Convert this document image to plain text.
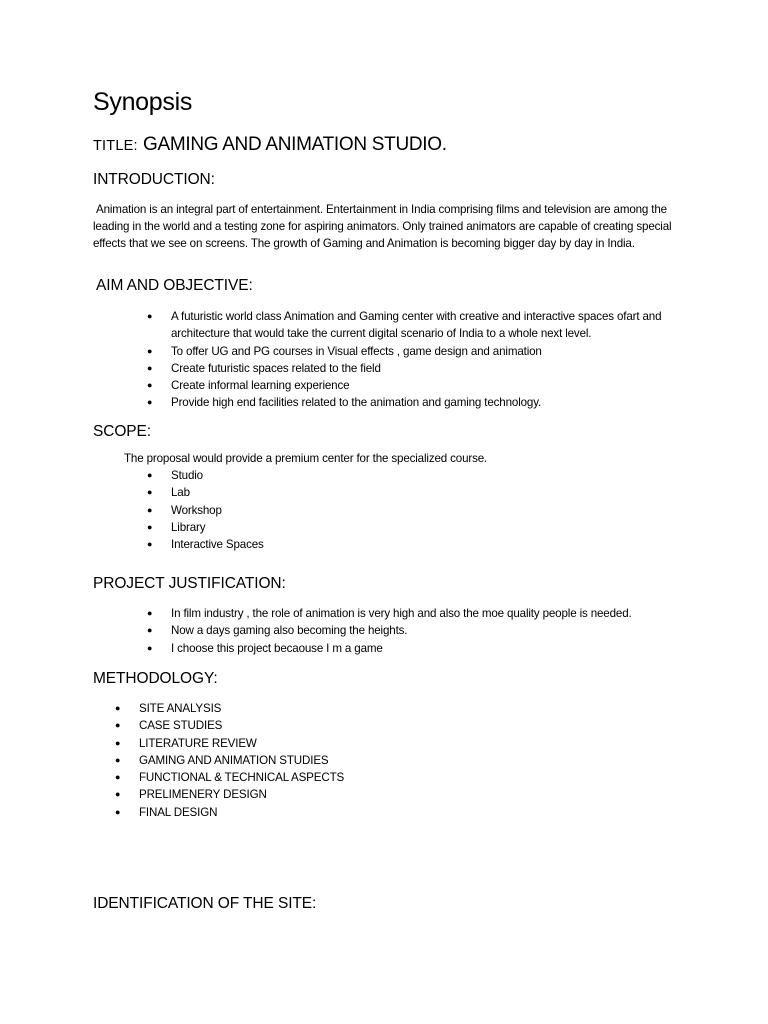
Synopsis
TITLE: GAMING AND ANIMATION STUDIO.
INTRODUCTION:
Animation is an integral part of entertainment. Entertainment in India comprising films and television are among the leading in the world and a testing zone for aspiring animators. Only trained animators are capable of creating special effects that we see on screens. The growth of Gaming and Animation is becoming bigger day by day in India.
AIM AND OBJECTIVE:
● A futuristic world class Animation and Gaming center with creative and interactive spaces ofart and architecture that would take the current digital scenario of India to a whole next level.
● To offer UG and PG courses in Visual effects , game design and animation
● Create futuristic spaces related to the field
● Create informal learning experience
● Provide high end facilities related to the animation and gaming technology.
SCOPE:
The proposal would provide a premium center for the specialized course.
● Studio
● Lab
● Workshop
● Library
● Interactive Spaces
PROJECT JUSTIFICATION:
● In film industry , the role of animation is very high and also the moe quality people is needed.
● Now a days gaming also becoming the heights.
● I choose this project becaouse I m a game
METHODOLOGY:
● SITE ANALYSIS
● CASE STUDIES
● LITERATURE REVIEW
● GAMING AND ANIMATION STUDIES
● FUNCTIONAL & TECHNICAL ASPECTS
● PRELIMENERY DESIGN
● FINAL DESIGN
IDENTIFICATION OF THE SITE:
